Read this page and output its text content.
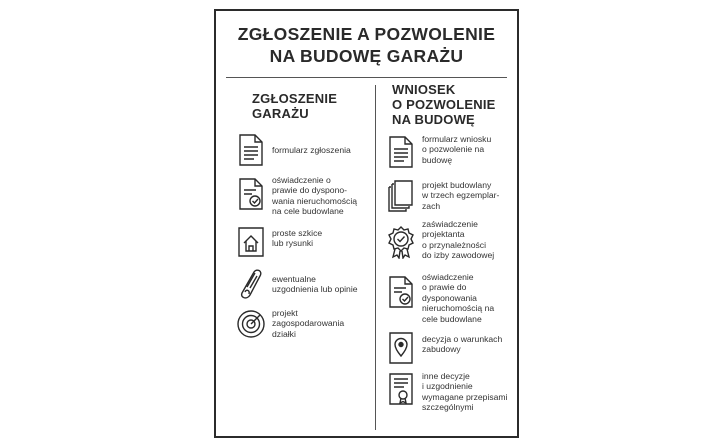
ZGŁOSZENIE A POZWOLENIE
NA BUDOWĘ GARAŻU
ZGŁOSZENIE
GARAŻU
formularz zgłoszenia
oświadczenie o
prawie do dyspono-
wania nieruchomością
na cele budowlane
proste szkice
lub rysunki
ewentualne
uzgodnienia lub opinie
projekt
zagospodarowania
działki
WNIOSEK
O POZWOLENIE
NA BUDOWĘ
formularz wniosku
o pozwolenie na
budowę
projekt budowlany
w trzech egzemplar-
zach
zaświadczenie
projektanta
o przynależności
do izby zawodowej
oświadczenie
o prawie do
dysponowania
nieruchomością na
cele budowlane
decyzja o warunkach
zabudowy
inne decyzje
i uzgodnienie
wymagane przepisami
szczególnymi
